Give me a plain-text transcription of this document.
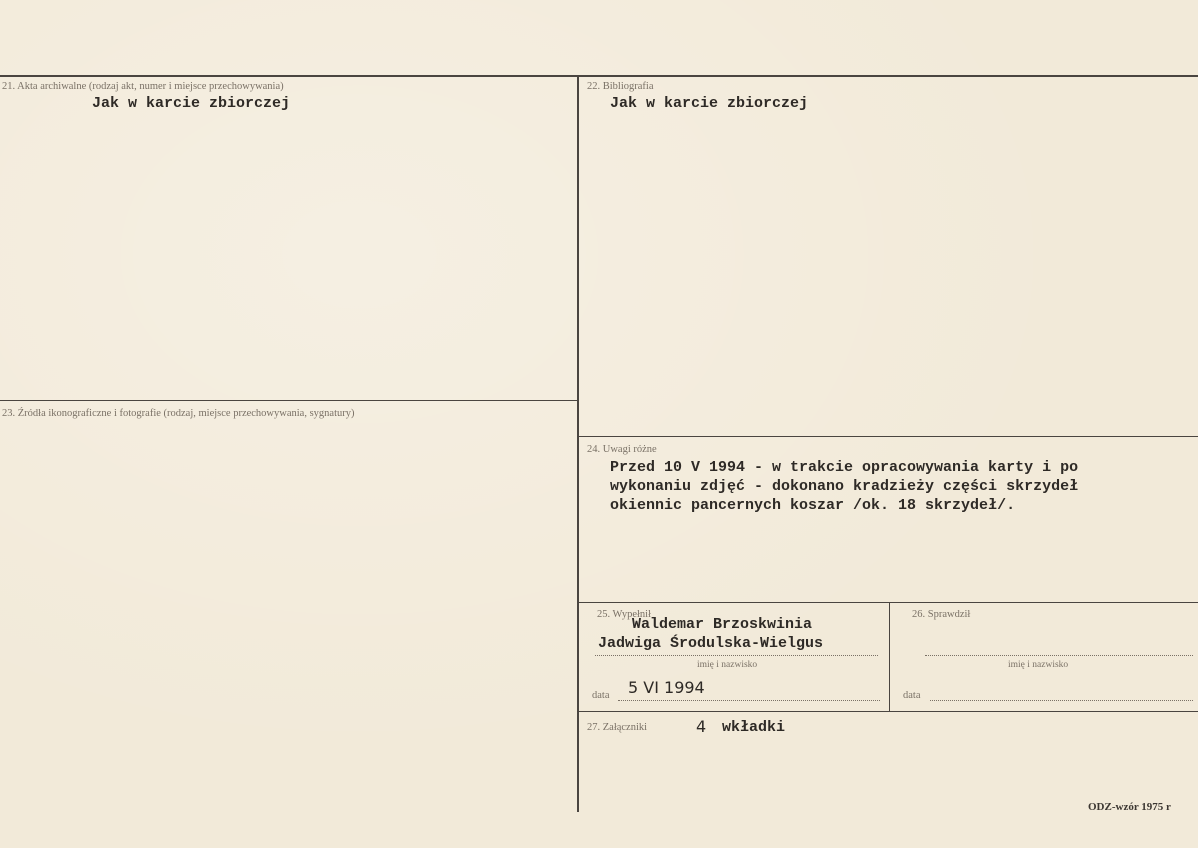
21. Akta archiwalne (rodzaj akt, numer i miejsce przechowywania)
Jak w karcie zbiorczej
22. Bibliografia
Jak w karcie zbiorczej
23. Źródła ikonograficzne i fotografie (rodzaj, miejsce przechowywania, sygnatury)
24. Uwagi różne
Przed 10 V 1994 - w trakcie opracowywania karty i po
wykonaniu zdjęć - dokonano kradzieży części skrzydeł
okiennic pancernych koszar /ok. 18 skrzydeł/.
25. Wypełnił
Waldemar Brzoskwinia
Jadwiga Środulska-Wielgus
imię i nazwisko
data 5 VI 1994
26. Sprawdził
imię i nazwisko
data
27. Załączniki	4 wkładki
ODZ-wzór 1975 r
